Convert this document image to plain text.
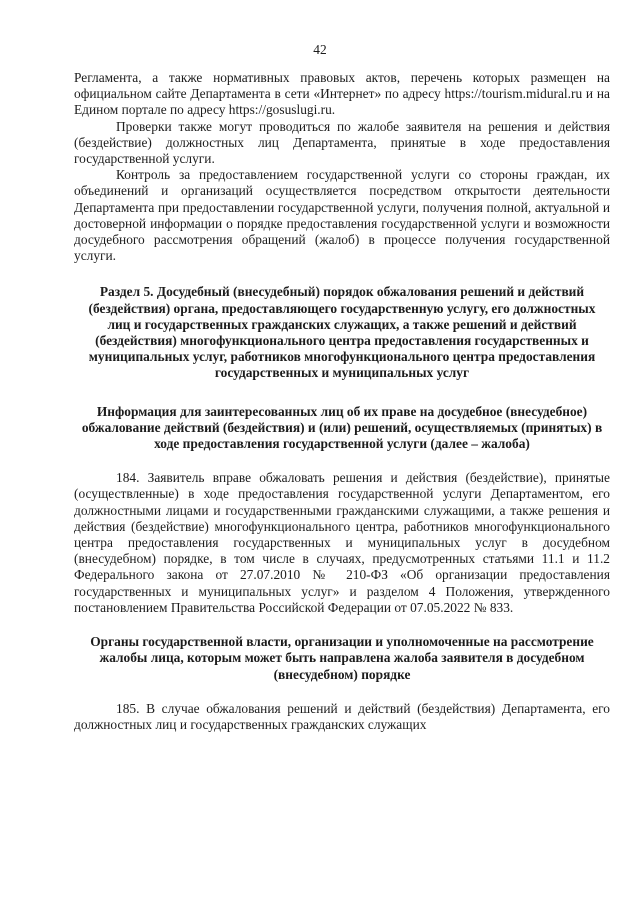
42

Регламента, а также нормативных правовых актов, перечень которых размещен на официальном сайте Департамента в сети «Интернет» по адресу https://tourism.midural.ru и на Едином портале по адресу https://gosuslugi.ru.

Проверки также могут проводиться по жалобе заявителя на решения и действия (бездействие) должностных лиц Департамента, принятые в ходе предоставления государственной услуги.

Контроль за предоставлением государственной услуги со стороны граждан, их объединений и организаций осуществляется посредством открытости деятельности Департамента при предоставлении государственной услуги, получения полной, актуальной и достоверной информации о порядке предоставления государственной услуги и возможности досудебного рассмотрения обращений (жалоб) в процессе получения государственной услуги.

Раздел 5. Досудебный (внесудебный) порядок обжалования решений и действий (бездействия) органа, предоставляющего государственную услугу, его должностных лиц и государственных гражданских служащих, а также решений и действий (бездействия) многофункционального центра предоставления государственных и муниципальных услуг, работников многофункционального центра предоставления государственных и муниципальных услуг

Информация для заинтересованных лиц об их праве на досудебное (внесудебное) обжалование действий (бездействия) и (или) решений, осуществляемых (принятых) в ходе предоставления государственной услуги (далее – жалоба)

184. Заявитель вправе обжаловать решения и действия (бездействие), принятые (осуществленные) в ходе предоставления государственной услуги Департаментом, его должностными лицами и государственными гражданскими служащими, а также решения и действия (бездействие) многофункционального центра, работников многофункционального центра предоставления государственных и муниципальных услуг в досудебном (внесудебном) порядке, в том числе в случаях, предусмотренных статьями 11.1 и 11.2 Федерального закона от 27.07.2010 № 210-ФЗ «Об организации предоставления государственных и муниципальных услуг» и разделом 4 Положения, утвержденного постановлением Правительства Российской Федерации от 07.05.2022 № 833.

Органы государственной власти, организации и уполномоченные на рассмотрение жалобы лица, которым может быть направлена жалоба заявителя в досудебном (внесудебном) порядке

185. В случае обжалования решений и действий (бездействия) Департамента, его должностных лиц и государственных гражданских служащих
